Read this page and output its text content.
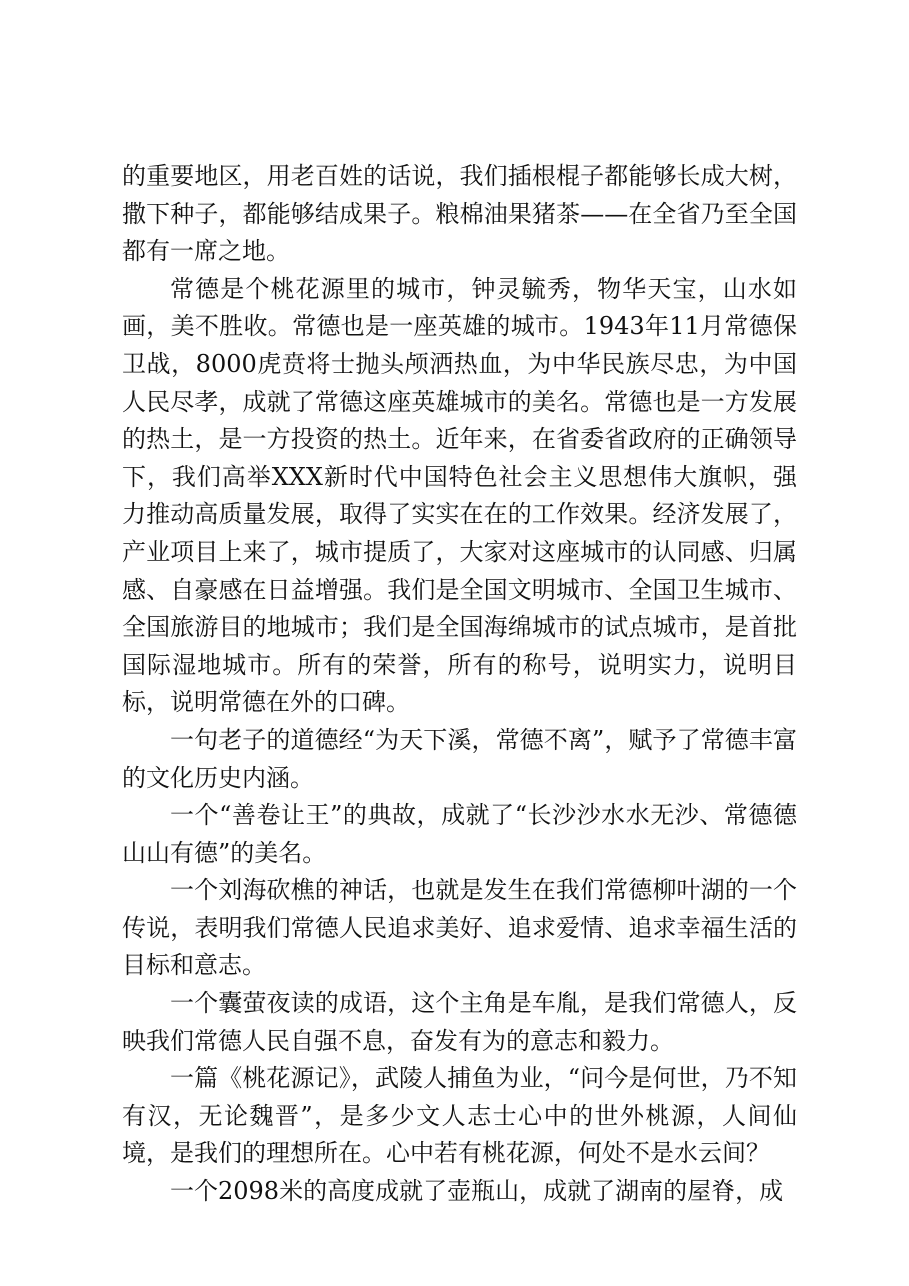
的重要地区，用老百姓的话说，我们插根棍子都能够长成大树，撒下种子，都能够结成果子。粮棉油果猪茶——在全省乃至全国都有一席之地。

常德是个桃花源里的城市，钟灵毓秀，物华天宝，山水如画，美不胜收。常德也是一座英雄的城市。1943年11月常德保卫战，8000虎贲将士抛头颅洒热血，为中华民族尽忠，为中国人民尽孝，成就了常德这座英雄城市的美名。常德也是一方发展的热土，是一方投资的热土。近年来，在省委省政府的正确领导下，我们高举XXX新时代中国特色社会主义思想伟大旗帜，强力推动高质量发展，取得了实实在在的工作效果。经济发展了，产业项目上来了，城市提质了，大家对这座城市的认同感、归属感、自豪感在日益增强。我们是全国文明城市、全国卫生城市、全国旅游目的地城市；我们是全国海绵城市的试点城市，是首批国际湿地城市。所有的荣誉，所有的称号，说明实力，说明目标，说明常德在外的口碑。

一句老子的道德经“为天下溪，常德不离”，赋予了常德丰富的文化历史内涵。

一个“善卷让王”的典故，成就了“长沙沙水水无沙、常德德山山有德”的美名。

一个刘海砍樵的神话，也就是发生在我们常德柳叶湖的一个传说，表明我们常德人民追求美好、追求爱情、追求幸福生活的目标和意志。

一个囊萤夜读的成语，这个主角是车胤，是我们常德人，反映我们常德人民自强不息，奋发有为的意志和毅力。

一篇《桃花源记》，武陵人捕鱼为业，“问今是何世，乃不知有汉，无论魏晋”，是多少文人志士心中的世外桃源，人间仙境，是我们的理想所在。心中若有桃花源，何处不是水云间？

一个2098米的高度成就了壶瓶山，成就了湖南的屋脊，成
